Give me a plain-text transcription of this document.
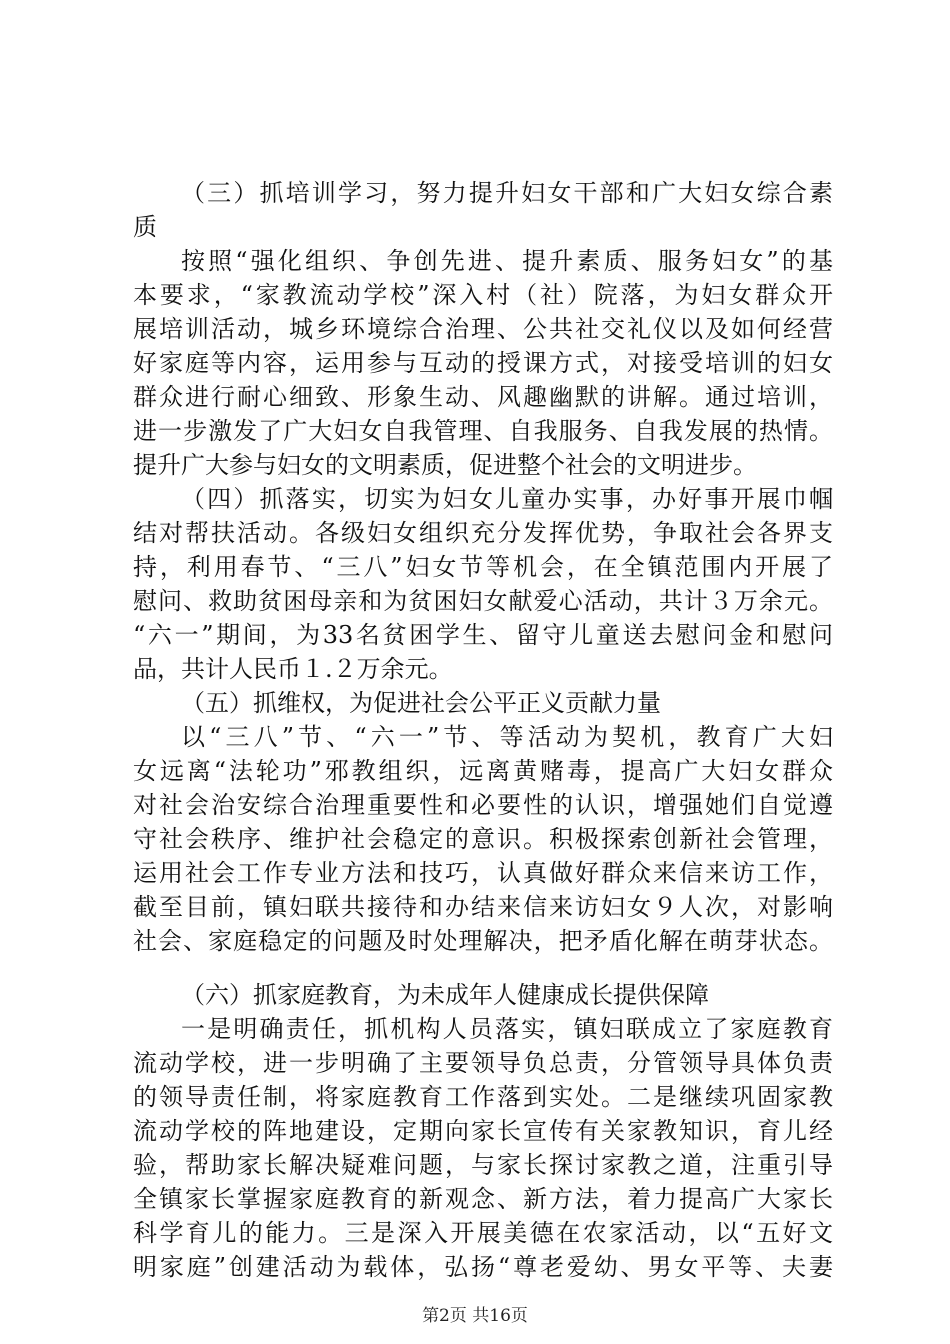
（三）抓培训学习，努力提升妇女干部和广大妇女综合素
质
按照“强化组织、争创先进、提升素质、服务妇女”的基
本要求，“家教流动学校”深入村（社）院落，为妇女群众开
展培训活动，城乡环境综合治理、公共社交礼仪以及如何经营
好家庭等内容，运用参与互动的授课方式，对接受培训的妇女
群众进行耐心细致、形象生动、风趣幽默的讲解。通过培训，
进一步激发了广大妇女自我管理、自我服务、自我发展的热情。
提升广大参与妇女的文明素质，促进整个社会的文明进步。
（四）抓落实，切实为妇女儿童办实事，办好事开展巾帼
结对帮扶活动。各级妇女组织充分发挥优势，争取社会各界支
持，利用春节、“三八”妇女节等机会，在全镇范围内开展了
慰问、救助贫困母亲和为贫困妇女献爱心活动，共计３万余元。
“六一”期间，为33名贫困学生、留守儿童送去慰问金和慰问
品，共计人民币１.２万余元。
（五）抓维权，为促进社会公平正义贡献力量
以“三八”节、“六一”节、等活动为契机，教育广大妇
女远离“法轮功”邪教组织，远离黄赌毒，提高广大妇女群众
对社会治安综合治理重要性和必要性的认识，增强她们自觉遵
守社会秩序、维护社会稳定的意识。积极探索创新社会管理，
运用社会工作专业方法和技巧，认真做好群众来信来访工作，
截至目前，镇妇联共接待和办结来信来访妇女９人次，对影响
社会、家庭稳定的问题及时处理解决，把矛盾化解在萌芽状态。
（六）抓家庭教育，为未成年人健康成长提供保障
一是明确责任，抓机构人员落实，镇妇联成立了家庭教育
流动学校，进一步明确了主要领导负总责，分管领导具体负责
的领导责任制，将家庭教育工作落到实处。二是继续巩固家教
流动学校的阵地建设，定期向家长宣传有关家教知识，育儿经
验，帮助家长解决疑难问题，与家长探讨家教之道，注重引导
全镇家长掌握家庭教育的新观念、新方法，着力提高广大家长
科学育儿的能力。三是深入开展美德在农家活动，以“五好文
明家庭”创建活动为载体，弘扬“尊老爱幼、男女平等、夫妻
第2页 共16页
